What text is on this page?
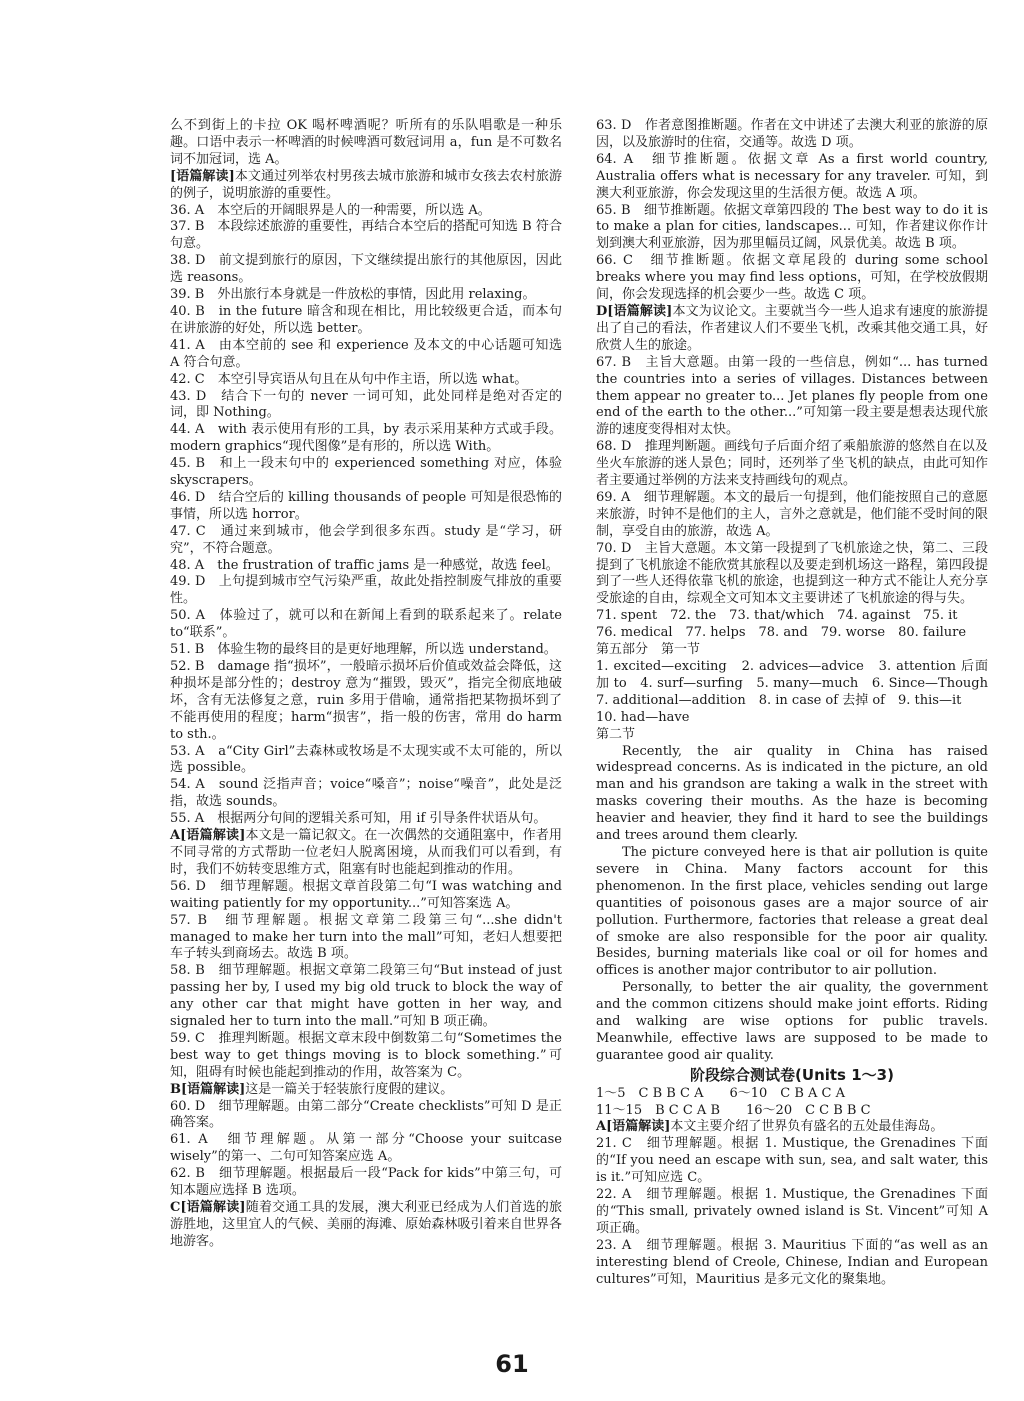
么不到街上的卡拉 OK 喝杯啤酒呢？听所有的乐队唱歌是一种乐趣。口语中表示一杯啤酒的时候啤酒可数冠词用 a，fun 是不可数名词不加冠词，选 A。
[语篇解读]本文通过列举农村男孩去城市旅游和城市女孩去农村旅游的例子，说明旅游的重要性。
36. A　本空后的开阔眼界是人的一种需要，所以选 A。
37. B　本段综述旅游的重要性，再结合本空后的搭配可知选 B 符合句意。
38. D　前文提到旅行的原因，下文继续提出旅行的其他原因，因此选 reasons。
39. B　外出旅行本身就是一件放松的事情，因此用 relaxing。
40. B　in the future 暗含和现在相比，用比较级更合适，而本句在讲旅游的好处，所以选 better。
41. A　由本空前的 see 和 experience 及本文的中心话题可知选 A 符合句意。
42. C　本空引导宾语从句且在从句中作主语，所以选 what。
43. D　结合下一句的 never 一词可知，此处同样是绝对否定的词，即 Nothing。
44. A　with 表示使用有形的工具，by 表示采用某种方式或手段。modern graphics“现代图像”是有形的，所以选 With。
45. B　和上一段末句中的 experienced something 对应，体验 skyscrapers。
46. D　结合空后的 killing thousands of people 可知是很恐怖的事情，所以选 horror。
47. C　通过来到城市，他会学到很多东西。study 是“学习，研究”，不符合题意。
48. A　the frustration of traffic jams 是一种感觉，故选 feel。
49. D　上句提到城市空气污染严重，故此处指控制废气排放的重要性。
50. A　体验过了，就可以和在新闻上看到的联系起来了。relate to“联系”。
51. B　体验生物的最终目的是更好地理解，所以选 understand。
52. B　damage 指“损坏”，一般暗示损坏后价值或效益会降低，这种损坏是部分性的；destroy 意为“摧毁，毁灭”，指完全彻底地破坏，含有无法修复之意，ruin 多用于借喻，通常指把某物损坏到了不能再使用的程度；harm“损害”，指一般的伤害，常用 do harm to sth.。
53. A　a“City Girl”去森林或牧场是不太现实或不太可能的，所以选 possible。
54. A　sound 泛指声音；voice“嗓音”；noise“噪音”，此处是泛指，故选 sounds。
55. A　根据两分句间的逻辑关系可知，用 if 引导条件状语从句。
A[语篇解读]本文是一篇记叙文。在一次偶然的交通阻塞中，作者用不同寻常的方式帮助一位老妇人脱离困境，从而我们可以看到，有时，我们不妨转变思维方式，阻塞有时也能起到推动的作用。
56. D　细节理解题。根据文章首段第二句“I was watching and waiting patiently for my opportunity...”可知答案选 A。
57. B　细节理解题。根据文章第二段第三句“...she didn't managed to make her turn into the mall”可知，老妇人想要把车子转头到商场去。故选 B 项。
58. B　细节理解题。根据文章第二段第三句“But instead of just passing her by, I used my big old truck to block the way of any other car that might have gotten in her way, and signaled her to turn into the mall.”可知 B 项正确。
59. C　推理判断题。根据文章末段中倒数第二句“Sometimes the best way to get things moving is to block something.”可知，阻碍有时候也能起到推动的作用，故答案为 C。
B[语篇解读]这是一篇关于轻装旅行度假的建议。
60. D　细节理解题。由第二部分“Create checklists”可知 D 是正确答案。
61. A　细节理解题。从第一部分“Choose your suitcase wisely”的第一、二句可知答案应选 A。
62. B　细节理解题。根据最后一段“Pack for kids”中第三句，可知本题应选择 B 选项。
C[语篇解读]随着交通工具的发展，澳大利亚已经成为人们首选的旅游胜地，这里宜人的气候、美丽的海滩、原始森林吸引着来自世界各地游客。
63. D　作者意图推断题。作者在文中讲述了去澳大利亚的旅游的原因，以及旅游时的住宿，交通等。故选 D 项。
64. A　细节推断题。依据文章 As a first world country, Australia offers what is necessary for any traveler. 可知，到澳大利亚旅游，你会发现这里的生活很方便。故选 A 项。
65. B　细节推断题。依据文章第四段的 The best way to do it is to make a plan for cities, landscapes... 可知，作者建议你作计划到澳大利亚旅游，因为那里幅员辽阔，风景优美。故选 B 项。
66. C　细节推断题。依据文章尾段的 during some school breaks where you may find less options，可知，在学校放假期间，你会发现选择的机会要少一些。故选 C 项。
D[语篇解读]本文为议论文。主要就当今一些人追求有速度的旅游提出了自己的看法，作者建议人们不要坐飞机，改乘其他交通工具，好欣赏人生的旅途。
67. B　主旨大意题。由第一段的一些信息，例如“... has turned the countries into a series of villages. Distances between them appear no greater to... Jet planes fly people from one end of the earth to the other...”可知第一段主要是想表达现代旅游的速度变得相对太快。
68. D　推理判断题。画线句子后面介绍了乘船旅游的悠然自在以及坐火车旅游的迷人景色；同时，还列举了坐飞机的缺点，由此可知作者主要通过举例的方法来支持画线句的观点。
69. A　细节理解题。本文的最后一句提到，他们能按照自己的意愿来旅游，时钟不是他们的主人，言外之意就是，他们能不受时间的限制，享受自由的旅游，故选 A。
70. D　主旨大意题。本文第一段提到了飞机旅途之快，第二、三段提到了飞机旅途不能欣赏其旅程以及要走到机场这一路程，第四段提到了一些人还得依靠飞机的旅途，也提到这一种方式不能让人充分享受旅途的自由，综观全文可知本文主要讲述了飞机旅途的得与失。
71. spent　72. the　73. that/which　74. against　75. it
76. medical　77. helps　78. and　79. worse　80. failure
第五部分　第一节
1. excited—exciting　2. advices—advice　3. attention 后面加 to　4. surf—surfing　5. many—much　6. Since—Though　7. additional—addition　8. in case of 去掉 of　9. this—it
10. had—have
第二节
Recently, the air quality in China has raised widespread concerns. As is indicated in the picture, an old man and his grandson are taking a walk in the street with masks covering their mouths. As the haze is becoming heavier and heavier, they find it hard to see the buildings and trees around them clearly.
The picture conveyed here is that air pollution is quite severe in China. Many factors account for this phenomenon. In the first place, vehicles sending out large quantities of poisonous gases are a major source of air pollution. Furthermore, factories that release a great deal of smoke are also responsible for the poor air quality. Besides, burning materials like coal or oil for homes and offices is another major contributor to air pollution.
Personally, to better the air quality, the government and the common citizens should make joint efforts. Riding and walking are wise options for public travels. Meanwhile, effective laws are supposed to be made to guarantee good air quality.
阶段综合测试卷(Units 1～3)
1～5　C B B C A　　6～10　C B A C A
11～15　B C C A B　　16～20　C C B B C
A[语篇解读]本文主要介绍了世界负有盛名的五处最佳海岛。
21. C　细节理解题。根据 1. Mustique, the Grenadines 下面的“If you need an escape with sun, sea, and salt water, this is it.”可知应选 C。
22. A　细节理解题。根据 1. Mustique, the Grenadines 下面的“This small, privately owned island is St. Vincent”可知 A 项正确。
23. A　细节理解题。根据 3. Mauritius 下面的“as well as an interesting blend of Creole, Chinese, Indian and European cultures”可知，Mauritius 是多元文化的聚集地。
61
